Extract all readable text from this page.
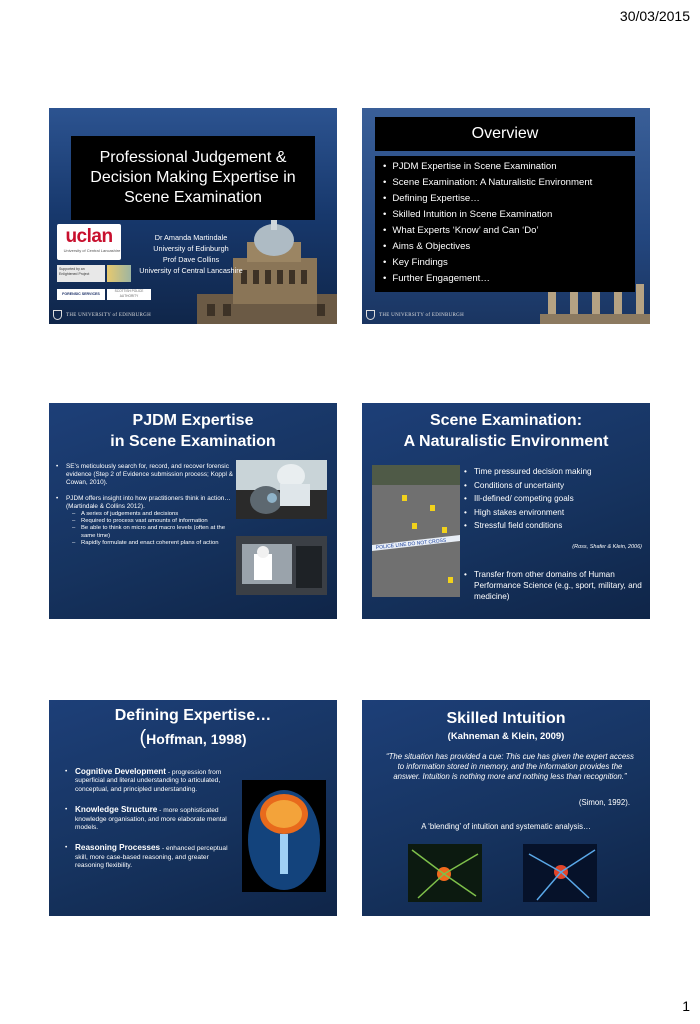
30/03/2015
Professional Judgement & Decision Making Expertise in Scene Examination
uclan
University of Central Lancashire
Dr Amanda Martindale
University of Edinburgh
Prof Dave Collins
University of Central Lancashire
Supported by an Enlightened Project
FORENSIC SERVICES
SCOTTISH POLICE AUTHORITY
THE UNIVERSITY of EDINBURGH
Overview
• PJDM Expertise in Scene Examination
• Scene Examination: A Naturalistic Environment
• Defining Expertise…
• Skilled Intuition in Scene Examination
• What Experts ‘Know’ and Can ‘Do’
• Aims & Objectives
• Key Findings
• Further Engagement…
THE UNIVERSITY of EDINBURGH
PJDM Expertise
in Scene Examination
• SE’s meticulously search for, record, and recover forensic evidence (Step 2 of Evidence submission process; Koppl & Cowan, 2010).
• PJDM offers insight into how practitioners think in action… (Martindale & Collins 2012).
– A series of judgements and decisions
– Required to process vast amounts of information
– Be able to think on micro and macro levels (often at the same time)
– Rapidly formulate and enact coherent plans of action
Scene Examination:
A Naturalistic Environment
POLICE LINE DO NOT CROSS
• Time pressured decision making
• Conditions of uncertainty
• Ill-defined/ competing goals
• High stakes environment
• Stressful field conditions
(Ross, Shafer & Klein, 2006)
• Transfer from other domains of Human Performance Science (e.g., sport, military, and medicine)
Defining Expertise…
(Hoffman, 1998)
• Cognitive Development - progression from superficial and literal understanding to articulated, conceptual, and principled understanding.
• Knowledge Structure - more sophisticated knowledge organisation, and more elaborate mental models.
• Reasoning Processes - enhanced perceptual skill, more case-based reasoning, and greater reasoning flexibility.
Skilled Intuition
(Kahneman & Klein, 2009)
“The situation has provided a cue: This cue has given the expert access to information stored in memory, and the information provides the answer. Intuition is nothing more and nothing less than recognition.”
(Simon, 1992).
A ‘blending’ of intuition and systematic analysis…
1
